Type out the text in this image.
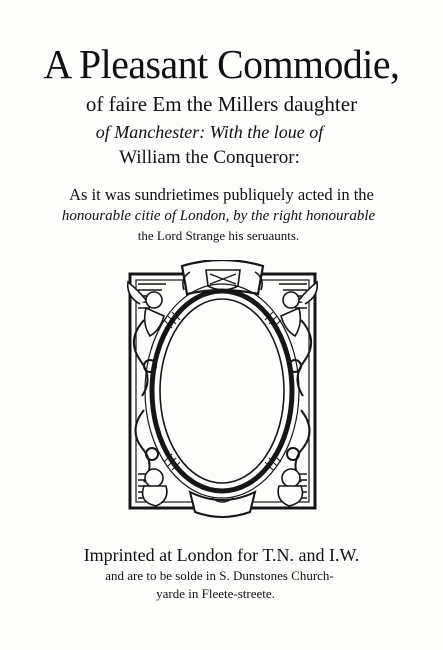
A Pleasant Commodie,
of faire Em the Millers daughter
of Manchester: With the loue of
William the Conqueror:
As it was sundrietimes publiquely acted in the
honourable citie of London, by the right honourable
the Lord Strange his seruaunts.
Imprinted at London for T.N. and I.W.
and are to be solde in S. Dunstones Church-
yarde in Fleete-streete.
